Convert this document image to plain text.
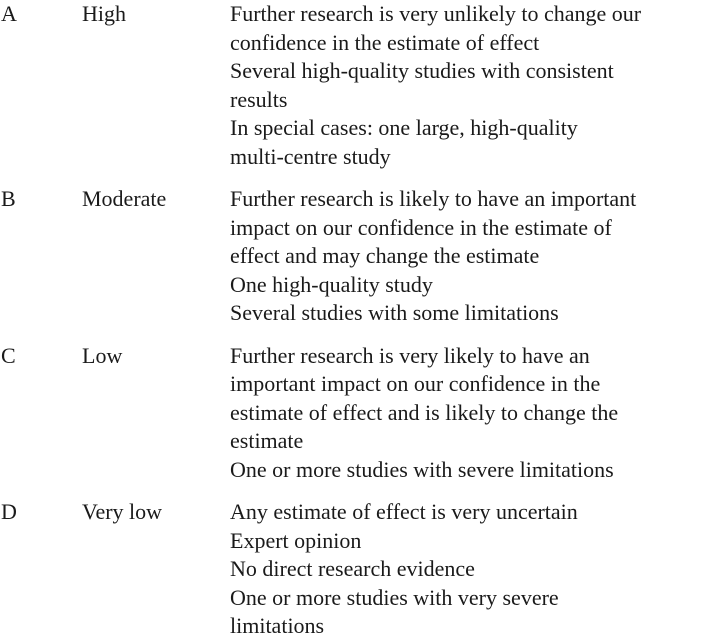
A	High	Further research is very unlikely to change our
confidence in the estimate of effect
Several high-quality studies with consistent
results
In special cases: one large, high-quality
multi-centre study
B	Moderate	Further research is likely to have an important
impact on our confidence in the estimate of
effect and may change the estimate
One high-quality study
Several studies with some limitations
C	Low	Further research is very likely to have an
important impact on our confidence in the
estimate of effect and is likely to change the
estimate
One or more studies with severe limitations
D	Very low	Any estimate of effect is very uncertain
Expert opinion
No direct research evidence
One or more studies with very severe
limitations
